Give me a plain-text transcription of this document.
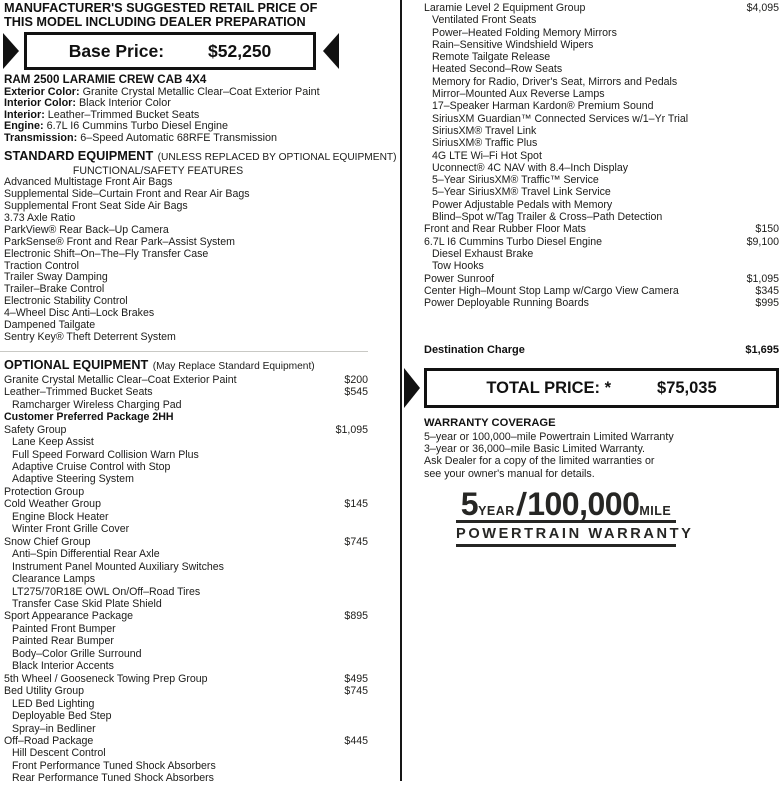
MANUFACTURER'S SUGGESTED RETAIL PRICE OF
THIS MODEL INCLUDING DEALER PREPARATION
Base Price:	$52,250
RAM 2500 LARAMIE CREW CAB 4X4
Exterior Color: Granite Crystal Metallic Clear–Coat Exterior Paint
Interior Color: Black Interior Color
Interior: Leather–Trimmed Bucket Seats
Engine: 6.7L I6 Cummins Turbo Diesel Engine
Transmission: 6–Speed Automatic 68RFE Transmission
STANDARD EQUIPMENT (UNLESS REPLACED BY OPTIONAL EQUIPMENT)
FUNCTIONAL/SAFETY FEATURES
Advanced Multistage Front Air Bags
Supplemental Side–Curtain Front and Rear Air Bags
Supplemental Front Seat Side Air Bags
3.73 Axle Ratio
ParkView® Rear Back–Up Camera
ParkSense® Front and Rear Park–Assist System
Electronic Shift–On–The–Fly Transfer Case
Traction Control
Trailer Sway Damping
Trailer–Brake Control
Electronic Stability Control
4–Wheel Disc Anti–Lock Brakes
Dampened Tailgate
Sentry Key® Theft Deterrent System
OPTIONAL EQUIPMENT (May Replace Standard Equipment)
Granite Crystal Metallic Clear–Coat Exterior Paint	$200
Leather–Trimmed Bucket Seats	$545
Ramcharger Wireless Charging Pad
Customer Preferred Package 2HH
Safety Group	$1,095
Lane Keep Assist
Full Speed Forward Collision Warn Plus
Adaptive Cruise Control with Stop
Adaptive Steering System
Protection Group
Cold Weather Group	$145
Engine Block Heater
Winter Front Grille Cover
Snow Chief Group	$745
Anti–Spin Differential Rear Axle
Instrument Panel Mounted Auxiliary Switches
Clearance Lamps
LT275/70R18E OWL On/Off–Road Tires
Transfer Case Skid Plate Shield
Sport Appearance Package	$895
Painted Front Bumper
Painted Rear Bumper
Body–Color Grille Surround
Black Interior Accents
5th Wheel / Gooseneck Towing Prep Group	$495
Bed Utility Group	$745
LED Bed Lighting
Deployable Bed Step
Spray–in Bedliner
Off–Road Package	$445
Hill Descent Control
Front Performance Tuned Shock Absorbers
Rear Performance Tuned Shock Absorbers
Laramie Level 2 Equipment Group	$4,095
Ventilated Front Seats
Power–Heated Folding Memory Mirrors
Rain–Sensitive Windshield Wipers
Remote Tailgate Release
Heated Second–Row Seats
Memory for Radio, Driver's Seat, Mirrors and Pedals
Mirror–Mounted Aux Reverse Lamps
17–Speaker Harman Kardon® Premium Sound
SiriusXM Guardian™ Connected Services w/1–Yr Trial
SiriusXM® Travel Link
SiriusXM® Traffic Plus
4G LTE Wi–Fi Hot Spot
Uconnect® 4C NAV with 8.4–Inch Display
5–Year SiriusXM® Traffic™ Service
5–Year SiriusXM® Travel Link Service
Power Adjustable Pedals with Memory
Blind–Spot w/Tag Trailer & Cross–Path Detection
Front and Rear Rubber Floor Mats	$150
6.7L I6 Cummins Turbo Diesel Engine	$9,100
Diesel Exhaust Brake
Tow Hooks
Power Sunroof	$1,095
Center High–Mount Stop Lamp w/Cargo View Camera	$345
Power Deployable Running Boards	$995
Destination Charge	$1,695
TOTAL PRICE: *	$75,035
WARRANTY COVERAGE
5–year or 100,000–mile Powertrain Limited Warranty
3–year or 36,000–mile Basic Limited Warranty.
Ask Dealer for a copy of the limited warranties or
see your owner's manual for details.
5 YEAR / 100,000 MILE
POWERTRAIN WARRANTY
